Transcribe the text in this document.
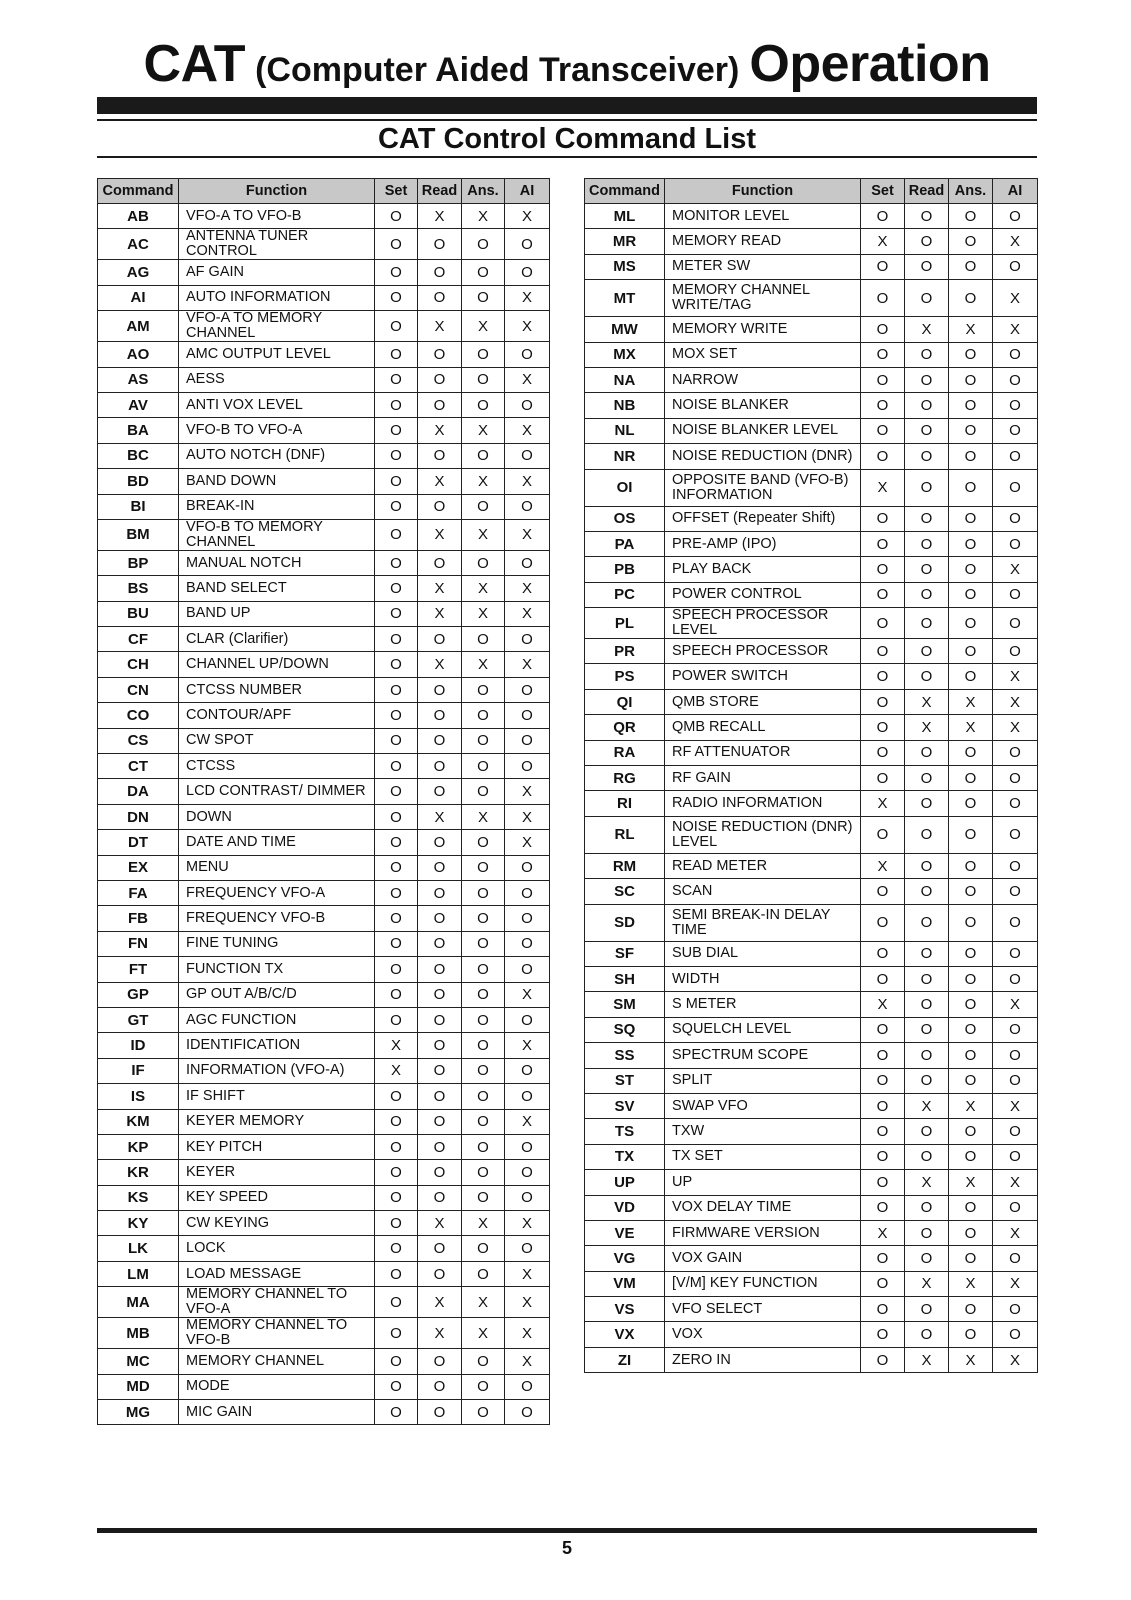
CAT (Computer Aided Transceiver) Operation
CAT Control Command List
Command	Function	Set	Read	Ans.	AI
AB	VFO-A TO VFO-B	O	X	X	X
AC	ANTENNA TUNER CONTROL	O	O	O	O
AG	AF GAIN	O	O	O	O
AI	AUTO INFORMATION	O	O	O	X
AM	VFO-A TO MEMORY CHANNEL	O	X	X	X
AO	AMC OUTPUT LEVEL	O	O	O	O
AS	AESS	O	O	O	X
AV	ANTI VOX LEVEL	O	O	O	O
BA	VFO-B TO VFO-A	O	X	X	X
BC	AUTO NOTCH (DNF)	O	O	O	O
BD	BAND DOWN	O	X	X	X
BI	BREAK-IN	O	O	O	O
BM	VFO-B TO MEMORY CHANNEL	O	X	X	X
BP	MANUAL NOTCH	O	O	O	O
BS	BAND SELECT	O	X	X	X
BU	BAND UP	O	X	X	X
CF	CLAR (Clarifier)	O	O	O	O
CH	CHANNEL UP/DOWN	O	X	X	X
CN	CTCSS NUMBER	O	O	O	O
CO	CONTOUR/APF	O	O	O	O
CS	CW SPOT	O	O	O	O
CT	CTCSS	O	O	O	O
DA	LCD CONTRAST/ DIMMER	O	O	O	X
DN	DOWN	O	X	X	X
DT	DATE AND TIME	O	O	O	X
EX	MENU	O	O	O	O
FA	FREQUENCY VFO-A	O	O	O	O
FB	FREQUENCY VFO-B	O	O	O	O
FN	FINE TUNING	O	O	O	O
FT	FUNCTION TX	O	O	O	O
GP	GP OUT A/B/C/D	O	O	O	X
GT	AGC FUNCTION	O	O	O	O
ID	IDENTIFICATION	X	O	O	X
IF	INFORMATION (VFO-A)	X	O	O	O
IS	IF SHIFT	O	O	O	O
KM	KEYER MEMORY	O	O	O	X
KP	KEY PITCH	O	O	O	O
KR	KEYER	O	O	O	O
KS	KEY SPEED	O	O	O	O
KY	CW KEYING	O	X	X	X
LK	LOCK	O	O	O	O
LM	LOAD MESSAGE	O	O	O	X
MA	MEMORY CHANNEL TO VFO-A	O	X	X	X
MB	MEMORY CHANNEL TO VFO-B	O	X	X	X
MC	MEMORY CHANNEL	O	O	O	X
MD	MODE	O	O	O	O
MG	MIC GAIN	O	O	O	O
Command	Function	Set	Read	Ans.	AI
ML	MONITOR LEVEL	O	O	O	O
MR	MEMORY READ	X	O	O	X
MS	METER SW	O	O	O	O
MT	MEMORY CHANNEL WRITE/TAG	O	O	O	X
MW	MEMORY WRITE	O	X	X	X
MX	MOX SET	O	O	O	O
NA	NARROW	O	O	O	O
NB	NOISE BLANKER	O	O	O	O
NL	NOISE BLANKER LEVEL	O	O	O	O
NR	NOISE REDUCTION (DNR)	O	O	O	O
OI	OPPOSITE BAND (VFO-B) INFORMATION	X	O	O	O
OS	OFFSET (Repeater Shift)	O	O	O	O
PA	PRE-AMP (IPO)	O	O	O	O
PB	PLAY BACK	O	O	O	X
PC	POWER CONTROL	O	O	O	O
PL	SPEECH PROCESSOR LEVEL	O	O	O	O
PR	SPEECH PROCESSOR	O	O	O	O
PS	POWER SWITCH	O	O	O	X
QI	QMB STORE	O	X	X	X
QR	QMB RECALL	O	X	X	X
RA	RF ATTENUATOR	O	O	O	O
RG	RF GAIN	O	O	O	O
RI	RADIO INFORMATION	X	O	O	O
RL	NOISE REDUCTION (DNR) LEVEL	O	O	O	O
RM	READ METER	X	O	O	O
SC	SCAN	O	O	O	O
SD	SEMI BREAK-IN DELAY TIME	O	O	O	O
SF	SUB DIAL	O	O	O	O
SH	WIDTH	O	O	O	O
SM	S METER	X	O	O	X
SQ	SQUELCH LEVEL	O	O	O	O
SS	SPECTRUM SCOPE	O	O	O	O
ST	SPLIT	O	O	O	O
SV	SWAP VFO	O	X	X	X
TS	TXW	O	O	O	O
TX	TX SET	O	O	O	O
UP	UP	O	X	X	X
VD	VOX DELAY TIME	O	O	O	O
VE	FIRMWARE VERSION	X	O	O	X
VG	VOX GAIN	O	O	O	O
VM	[V/M] KEY FUNCTION	O	X	X	X
VS	VFO SELECT	O	O	O	O
VX	VOX	O	O	O	O
ZI	ZERO IN	O	X	X	X
5
